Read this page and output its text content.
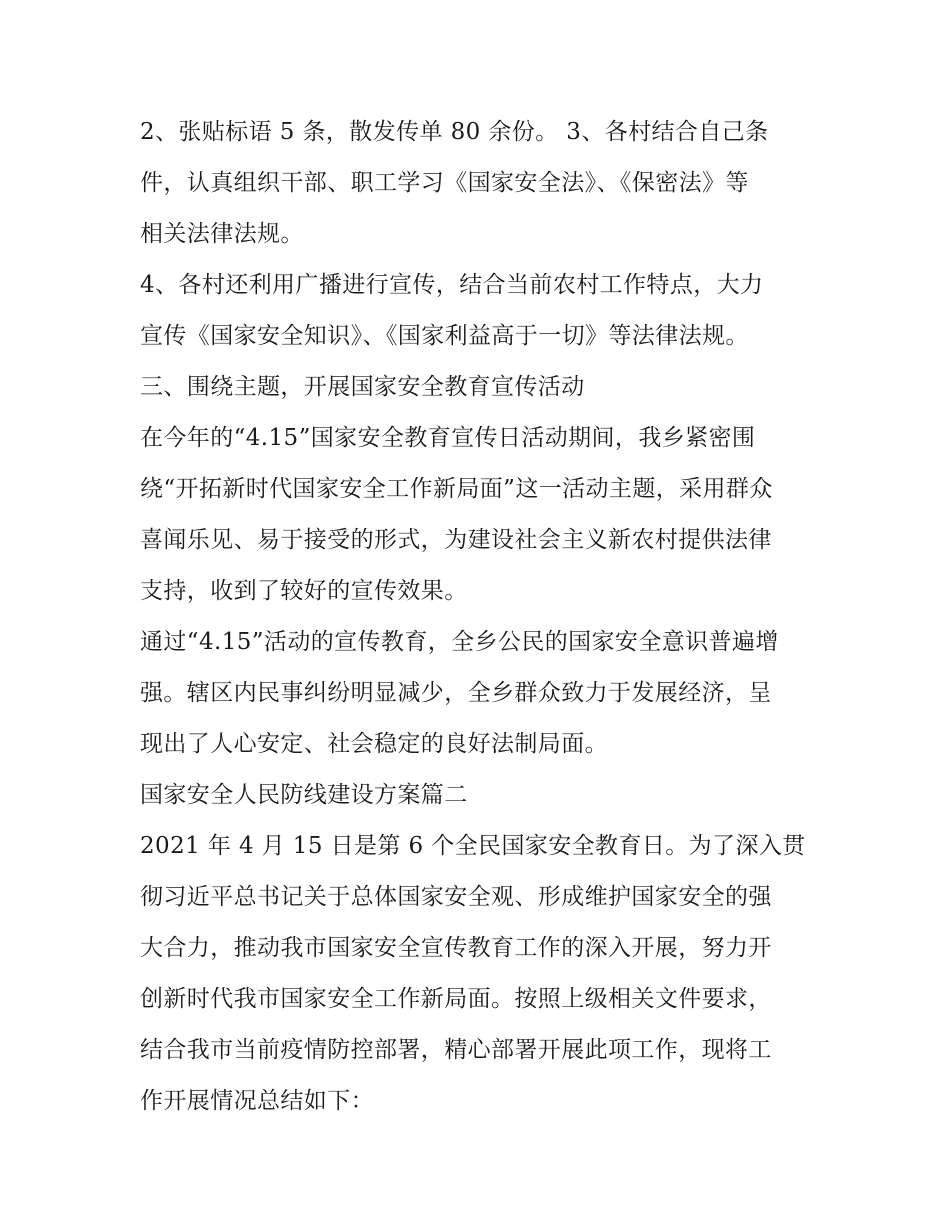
2、张贴标语 5 条，散发传单 80 余份。 3、各村结合自己条
件，认真组织干部、职工学习《国家安全法》、《保密法》等
相关法律法规。
4、各村还利用广播进行宣传，结合当前农村工作特点，大力
宣传《国家安全知识》、《国家利益高于一切》等法律法规。
三、围绕主题，开展国家安全教育宣传活动
在今年的“4.15”国家安全教育宣传日活动期间，我乡紧密围
绕“开拓新时代国家安全工作新局面”这一活动主题，采用群众
喜闻乐见、易于接受的形式，为建设社会主义新农村提供法律
支持，收到了较好的宣传效果。
通过“4.15”活动的宣传教育，全乡公民的国家安全意识普遍增
强。辖区内民事纠纷明显减少，全乡群众致力于发展经济，呈
现出了人心安定、社会稳定的良好法制局面。
国家安全人民防线建设方案篇二
2021 年 4 月 15 日是第 6 个全民国家安全教育日。为了深入贯
彻习近平总书记关于总体国家安全观、形成维护国家安全的强
大合力，推动我市国家安全宣传教育工作的深入开展，努力开
创新时代我市国家安全工作新局面。按照上级相关文件要求，
结合我市当前疫情防控部署，精心部署开展此项工作，现将工
作开展情况总结如下：
